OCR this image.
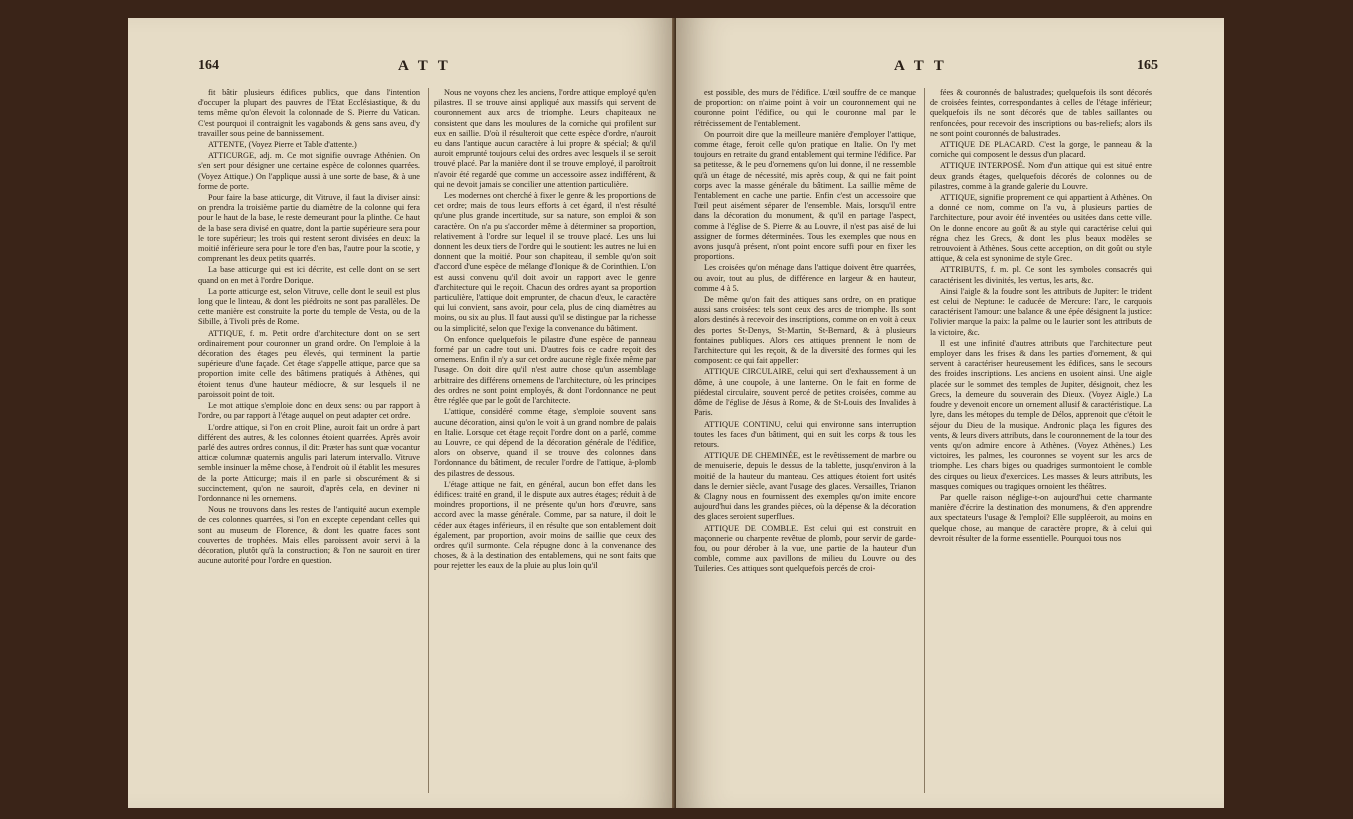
164	ATT

fit bâtir plusieurs édifices publics, que dans l'intention d'occuper la plupart des pauvres de l'Etat Ecclésiastique, & du tems même qu'on élevoit la colonnade de S. Pierre du Vatican. C'est pourquoi il contraignit les vagabonds & gens sans aveu, d'y travailler sous peine de bannissement.

ATTENTE, (Voyez Pierre et Table d'attente.)

ATTICURGE, adj. m. Ce mot signifie ouvrage Athénien. On s'en sert pour désigner une certaine espèce de colonnes quarrées. (Voyez Attique.) On l'applique aussi à une sorte de base, & à une forme de porte.

Pour faire la base atticurge, dit Vitruve, il faut la diviser ainsi: on prendra la troisième partie du diamètre de la colonne qui fera pour le haut de la base, le reste demeurant pour la plinthe. Ce haut de la base sera divisé en quatre, dont la partie supérieure sera pour le tore supérieur; les trois qui restent seront divisées en deux: la moitié inférieure sera pour le tore d'en bas, l'autre pour la scotie, y comprenant les deux petits quarrés.

La base atticurge qui est ici décrite, est celle dont on se sert quand on en met à l'ordre Dorique.

La porte atticurge est, selon Vitruve, celle dont le seuil est plus long que le linteau, & dont les piédroits ne sont pas parallèles. De cette manière est construite la porte du temple de Vesta, ou de la Sibille, à Tivoli près de Rome.

ATTIQUE, f. m. Petit ordre d'architecture dont on se sert ordinairement pour couronner un grand ordre. On l'emploie à la décoration des étages peu élevés, qui terminent la partie supérieure d'une façade. Cet étage s'appelle attique, parce que sa proportion imite celle des bâtimens pratiqués à Athènes, qui étoient tenus d'une hauteur médiocre, & sur lesquels il ne paroissoit point de toit.

Le mot attique s'emploie donc en deux sens: ou par rapport à l'ordre, ou par rapport à l'étage auquel on peut adapter cet ordre.

L'ordre attique, si l'on en croit Pline, auroit fait un ordre à part différent des autres, & les colonnes étoient quarrées. Après avoir parlé des autres ordres connus, il dit: Præter has sunt quæ vocantur atticæ columnæ quaternis angulis pari laterum intervallo. Vitruve semble insinuer la même chose, à l'endroit où il établit les mesures de la porte Atticurge; mais il en parle si obscurément & si succinctement, qu'on ne sauroit, d'après cela, en deviner ni l'ordonnance ni les ornemens.

Nous ne trouvons dans les restes de l'antiquité aucun exemple de ces colonnes quarrées, si l'on en excepte cependant celles qui sont au museum de Florence, & dont les quatre faces sont couvertes de trophées. Mais elles paroissent avoir servi à la décoration, plutôt qu'à la construction; & l'on ne sauroit en tirer aucune autorité pour l'ordre en question.

Nous ne voyons chez les anciens, l'ordre attique employé qu'en pilastres. Il se trouve ainsi appliqué aux massifs qui servent de couronnement aux arcs de triomphe. Leurs chapiteaux ne consistent que dans les moulures de la corniche qui profilent sur eux en saillie. D'où il résulteroit que cette espèce d'ordre, n'auroit eu dans l'antique aucun caractère à lui propre & spécial; & qu'il auroit emprunté toujours celui des ordres avec lesquels il se seroit trouvé placé. Par la manière dont il se trouve employé, il paroîtroit n'avoir été regardé que comme un accessoire assez indifférent, & qui ne devoit jamais se concilier une attention particulière.

Les modernes ont cherché à fixer le genre & les proportions de cet ordre; mais de tous leurs efforts à cet égard, il n'est résulté qu'une plus grande incertitude, sur sa nature, son emploi & son caractère. On n'a pu s'accorder même à déterminer sa proportion, relativement à l'ordre sur lequel il se trouve placé. Les uns lui donnent les deux tiers de l'ordre qui le soutient: les autres ne lui en donnent que la moitié. Pour son chapiteau, il semble qu'on soit d'accord d'une espèce de mélange d'Ionique & de Corinthien. L'on est aussi convenu qu'il doit avoir un rapport avec le genre d'architecture qui le reçoit. Chacun des ordres ayant sa proportion particulière, l'attique doit emprunter, de chacun d'eux, le caractère qui lui convient, sans avoir, pour cela, plus de cinq diamètres au moins, ou six au plus. Il faut aussi qu'il se distingue par la richesse ou la simplicité, selon que l'exige la convenance du bâtiment.

On enfonce quelquefois le pilastre d'une espèce de panneau formé par un cadre tout uni. D'autres fois ce cadre reçoit des ornemens. Enfin il n'y a sur cet ordre aucune règle fixée même par l'usage. On doit dire qu'il n'est autre chose qu'un assemblage arbitraire des différens ornemens de l'architecture, où les principes des ordres ne sont point employés, & dont l'ordonnance ne peut être réglée que par le goût de l'architecte.

L'attique, considéré comme étage, s'emploie souvent sans aucune décoration, ainsi qu'on le voit à un grand nombre de palais en Italie. Lorsque cet étage reçoit l'ordre dont on a parlé, comme au Louvre, ce qui dépend de la décoration générale de l'édifice, alors on observe, quand il se trouve des colonnes dans l'ordonnance du bâtiment, de reculer l'ordre de l'attique, à-plomb des pilastres de dessous.

L'étage attique ne fait, en général, aucun bon effet dans les édifices: traité en grand, il le dispute aux autres étages; réduit à de moindres proportions, il ne présente qu'un hors d'œuvre, sans accord avec la masse générale. Comme, par sa nature, il doit le céder aux étages inférieurs, il en résulte que son entablement doit également, par proportion, avoir moins de saillie que ceux des ordres qu'il surmonte. Cela répugne donc à la convenance des choses, & à la destination des entablemens, qui ne sont faits que pour rejetter les eaux de la pluie au plus loin qu'il

ATT	165

est possible, des murs de l'édifice. L'œil souffre de ce manque de proportion: on n'aime point à voir un couronnement qui ne couronne point l'édifice, ou qui le couronne mal par le rétrécissement de l'entablement.

On pourroit dire que la meilleure manière d'employer l'attique, comme étage, feroit celle qu'on pratique en Italie. On l'y met toujours en retraite du grand entablement qui termine l'édifice. Par sa petitesse, & le peu d'ornemens qu'on lui donne, il ne ressemble qu'à un étage de nécessité, mis après coup, & qui ne fait point corps avec la masse générale du bâtiment. La saillie même de l'entablement en cache une partie. Enfin c'est un accessoire que l'œil peut aisément séparer de l'ensemble. Mais, lorsqu'il entre dans la décoration du monument, & qu'il en partage l'aspect, comme à l'église de S. Pierre & au Louvre, il n'est pas aisé de lui assigner de formes déterminées. Tous les exemples que nous en avons jusqu'à présent, n'ont point encore suffi pour en fixer les proportions.

Les croisées qu'on ménage dans l'attique doivent être quarrées, ou avoir, tout au plus, de différence en largeur & en hauteur, comme 4 à 5.

De même qu'on fait des attiques sans ordre, on en pratique aussi sans croisées: tels sont ceux des arcs de triomphe. Ils sont alors destinés à recevoir des inscriptions, comme on en voit à ceux des portes St-Denys, St-Martin, St-Bernard, & à plusieurs fontaines publiques. Alors ces attiques prennent le nom de l'architecture qui les reçoit, & de la diversité des formes qui les composent: ce qui fait appeller:

ATTIQUE CIRCULAIRE, celui qui sert d'exhaussement à un dôme, à une coupole, à une lanterne. On le fait en forme de piédestal circulaire, souvent percé de petites croisées, comme au dôme de l'église de Jésus à Rome, & de St-Louis des Invalides à Paris.

ATTIQUE CONTINU, celui qui environne sans interruption toutes les faces d'un bâtiment, qui en suit les corps & tous les retours.

ATTIQUE DE CHEMINÉE, est le revêtissement de marbre ou de menuiserie, depuis le dessus de la tablette, jusqu'environ à la moitié de la hauteur du manteau. Ces attiques étoient fort usités dans le dernier siècle, avant l'usage des glaces. Versailles, Trianon & Clagny nous en fournissent des exemples qu'on imite encore aujourd'hui dans les grandes pièces, où la dépense & la décoration des glaces seroient superflues.

ATTIQUE DE COMBLE. Est celui qui est construit en maçonnerie ou charpente revêtue de plomb, pour servir de garde-fou, ou pour dérober à la vue, une partie de la hauteur d'un comble, comme aux pavillons de milieu du Louvre ou des Tuileries. Ces attiques sont quelquefois percés de croi-

fées & couronnés de balustrades; quelquefois ils sont décorés de croisées feintes, correspondantes à celles de l'étage inférieur; quelquefois ils ne sont décorés que de tables saillantes ou renfoncées, pour recevoir des inscriptions ou bas-reliefs; alors ils ne sont point couronnés de balustrades.

ATTIQUE DE PLACARD. C'est la gorge, le panneau & la corniche qui composent le dessus d'un placard.

ATTIQUE INTERPOSÉ. Nom d'un attique qui est situé entre deux grands étages, quelquefois décorés de colonnes ou de pilastres, comme à la grande galerie du Louvre.

ATTIQUE, signifie proprement ce qui appartient à Athènes. On a donné ce nom, comme on l'a vu, à plusieurs parties de l'architecture, pour avoir été inventées ou usitées dans cette ville. On le donne encore au goût & au style qui caractérise celui qui régna chez les Grecs, & dont les plus beaux modèles se retrouvoient à Athènes. Sous cette acception, on dit goût ou style attique, & cela est synonime de style Grec.

ATTRIBUTS, f. m. pl. Ce sont les symboles consacrés qui caractérisent les divinités, les vertus, les arts, &c.

Ainsi l'aigle & la foudre sont les attributs de Jupiter: le trident est celui de Neptune: le caducée de Mercure: l'arc, le carquois caractérisent l'amour: une balance & une épée désignent la justice: l'olivier marque la paix: la palme ou le laurier sont les attributs de la victoire, &c.

Il est une infinité d'autres attributs que l'architecture peut employer dans les frises & dans les parties d'ornement, & qui servent à caractériser heureusement les édifices, sans le secours des froides inscriptions. Les anciens en usoient ainsi. Une aigle placée sur le sommet des temples de Jupiter, désignoit, chez les Grecs, la demeure du souverain des Dieux. (Voyez Aigle.) La foudre y devenoit encore un ornement allusif & caractéristique. La lyre, dans les métopes du temple de Délos, apprenoit que c'étoit le séjour du Dieu de la musique. Andronic plaça les figures des vents, & leurs divers attributs, dans le couronnement de la tour des vents qu'on admire encore à Athènes. (Voyez Athènes.) Les victoires, les palmes, les couronnes se voyent sur les arcs de triomphe. Les chars biges ou quadriges surmontoient le comble des cirques ou lieux d'exercices. Les masses & leurs attributs, les masques comiques ou tragiques ornoient les théâtres.

Par quelle raison néglige-t-on aujourd'hui cette charmante manière d'écrire la destination des monumens, & d'en apprendre aux spectateurs l'usage & l'emploi? Elle suppléeroit, au moins en quelque chose, au manque de caractère propre, & à celui qui devroit résulter de la forme essentielle. Pourquoi tous nos
